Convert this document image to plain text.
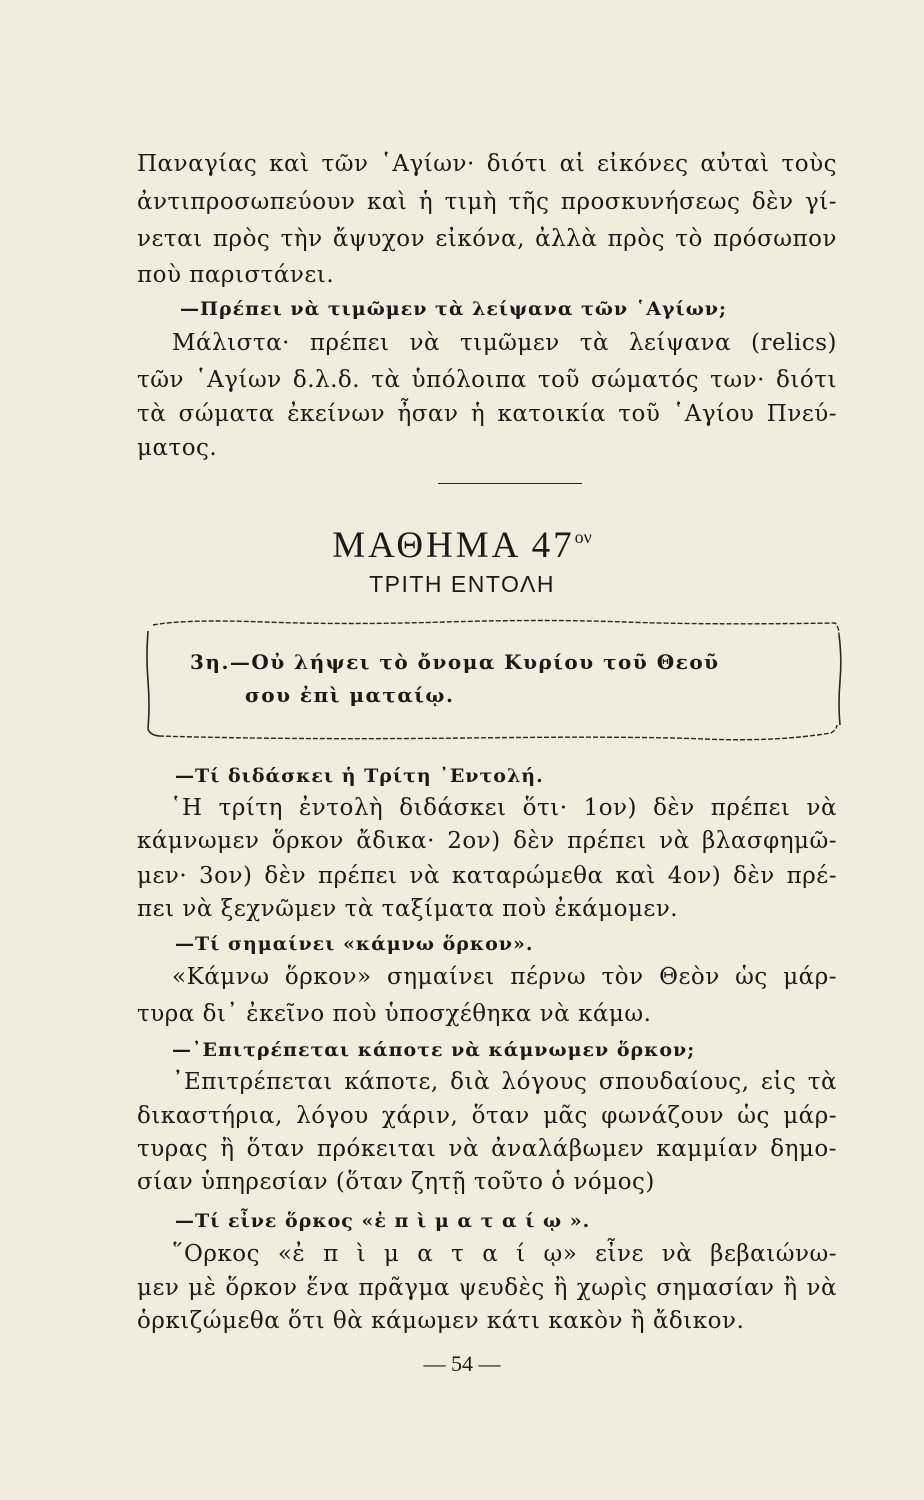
Παναγίας καὶ τῶν ῾Αγίων· διότι αἱ εἰκόνες αὐταὶ τοὺς
ἀντιπροσωπεύουν καὶ ἡ τιμὴ τῆς προσκυνήσεως δὲν γί-
νεται πρὸς τὴν ἄψυχον εἰκόνα, ἀλλὰ πρὸς τὸ πρόσωπον
ποὺ παριστάνει.
—Πρέπει νὰ τιμῶμεν τὰ λείψανα τῶν ῾Αγίων;
Μάλιστα· πρέπει νὰ τιμῶμεν τὰ λείψανα (relics)
τῶν ῾Αγίων δ.λ.δ. τὰ ὑπόλοιπα τοῦ σώματός των· διότι
τὰ σώματα ἐκείνων ἦσαν ἡ κατοικία τοῦ ῾Αγίου Πνεύ-
ματος.
ΜΑΘΗΜΑ $47^{o\nu}$
ΤΡΙΤΗ ΕΝΤΟΛΗ
3η.—Οὐ λήψει τὸ ὄνομα Κυρίου τοῦ Θεοῦ
σου ἐπὶ ματαίῳ.
—Τί διδάσκει ἡ Τρίτη ᾿Εντολή.
῾Η τρίτη ἐντολὴ διδάσκει ὅτι· 1ον) δὲν πρέπει νὰ
κάμνωμεν ὅρκον ἄδικα· 2ον) δὲν πρέπει νὰ βλασφημῶ-
μεν· 3ον) δὲν πρέπει νὰ καταρώμεθα καὶ 4ον) δὲν πρέ-
πει νὰ ξεχνῶμεν τὰ ταξίματα ποὺ ἐκάμομεν.
—Τί σημαίνει «κάμνω ὅρκον».
«Κάμνω ὅρκον» σημαίνει πέρνω τὸν Θεὸν ὡς μάρ-
τυρα δι᾿ ἐκεῖνο ποὺ ὑποσχέθηκα νὰ κάμω.
—᾿Επιτρέπεται κάποτε νὰ κάμνωμεν ὅρκον;
᾿Επιτρέπεται κάποτε, διὰ λόγους σπουδαίους, εἰς τὰ
δικαστήρια, λόγου χάριν, ὅταν μᾶς φωνάζουν ὡς μάρ-
τυρας ἢ ὅταν πρόκειται νὰ ἀναλάβωμεν καμμίαν δημο-
σίαν ὑπηρεσίαν (ὅταν ζητῇ τοῦτο ὁ νόμος)
—Τί εἶνε ὅρκος «ἐ π ὶ μ α τ α ί ῳ ».
῞Ορκος «ἐ π ὶ μ α τ α ί ῳ» εἶνε νὰ βεβαιώνω-
μεν μὲ ὅρκον ἕνα πρᾶγμα ψευδὲς ἢ χωρὶς σημασίαν ἢ νὰ
ὁρκιζώμεθα ὅτι θὰ κάμωμεν κάτι κακὸν ἢ ἄδικον.
— 54 —
